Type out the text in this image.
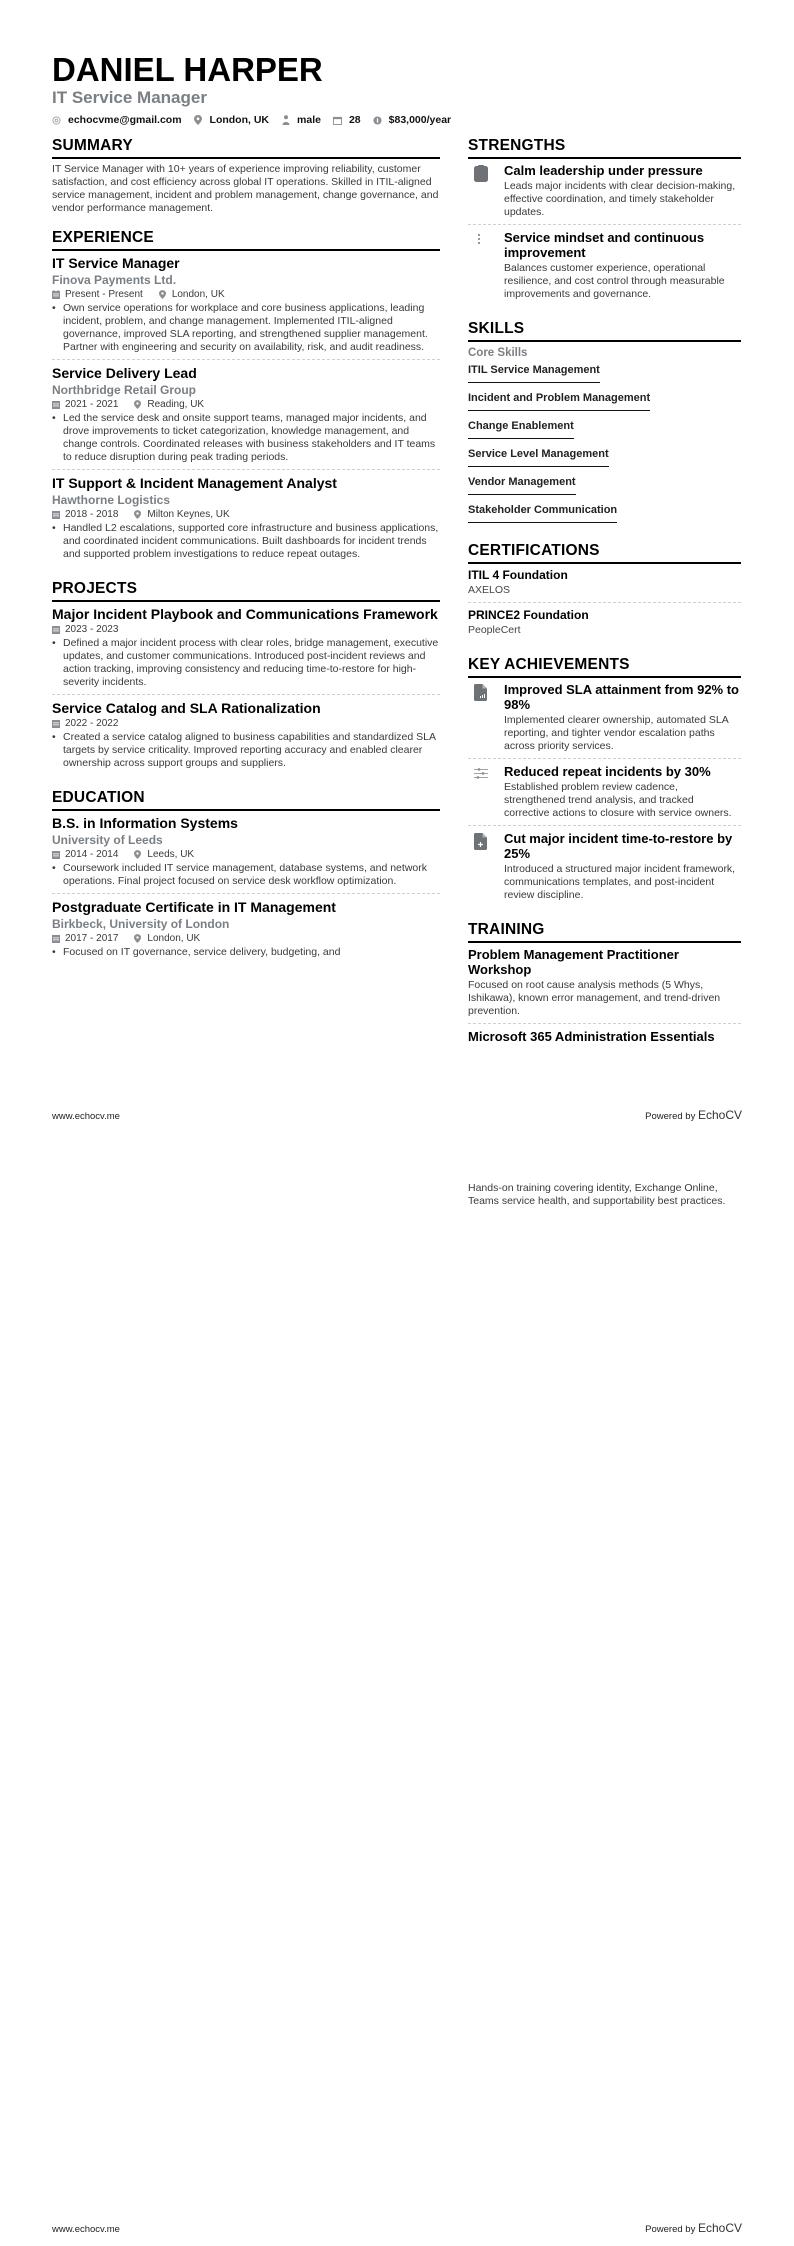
DANIEL HARPER
IT Service Manager
echocvme@gmail.com	London, UK	male	28	$83,000/year
SUMMARY
IT Service Manager with 10+ years of experience improving reliability, customer satisfaction, and cost efficiency across global IT operations. Skilled in ITIL-aligned service management, incident and problem management, change governance, and vendor performance management.
EXPERIENCE
IT Service Manager
Finova Payments Ltd.
Present - Present	London, UK
• Own service operations for workplace and core business applications, leading incident, problem, and change management. Implemented ITIL-aligned governance, improved SLA reporting, and strengthened supplier management. Partner with engineering and security on availability, risk, and audit readiness.
Service Delivery Lead
Northbridge Retail Group
2021 - 2021	Reading, UK
• Led the service desk and onsite support teams, managed major incidents, and drove improvements to ticket categorization, knowledge management, and change controls. Coordinated releases with business stakeholders and IT teams to reduce disruption during peak trading periods.
IT Support & Incident Management Analyst
Hawthorne Logistics
2018 - 2018	Milton Keynes, UK
• Handled L2 escalations, supported core infrastructure and business applications, and coordinated incident communications. Built dashboards for incident trends and supported problem investigations to reduce repeat outages.
PROJECTS
Major Incident Playbook and Communications Framework
2023 - 2023
• Defined a major incident process with clear roles, bridge management, executive updates, and customer communications. Introduced post-incident reviews and action tracking, improving consistency and reducing time-to-restore for high-severity incidents.
Service Catalog and SLA Rationalization
2022 - 2022
• Created a service catalog aligned to business capabilities and standardized SLA targets by service criticality. Improved reporting accuracy and enabled clearer ownership across support groups and suppliers.
EDUCATION
B.S. in Information Systems
University of Leeds
2014 - 2014	Leeds, UK
• Coursework included IT service management, database systems, and network operations. Final project focused on service desk workflow optimization.
Postgraduate Certificate in IT Management
Birkbeck, University of London
2017 - 2017	London, UK
• Focused on IT governance, service delivery, budgeting, and
STRENGTHS
Calm leadership under pressure
Leads major incidents with clear decision-making, effective coordination, and timely stakeholder updates.
Service mindset and continuous improvement
Balances customer experience, operational resilience, and cost control through measurable improvements and governance.
SKILLS
Core Skills
ITIL Service Management
Incident and Problem Management
Change Enablement
Service Level Management
Vendor Management
Stakeholder Communication
CERTIFICATIONS
ITIL 4 Foundation
AXELOS
PRINCE2 Foundation
PeopleCert
KEY ACHIEVEMENTS
Improved SLA attainment from 92% to 98%
Implemented clearer ownership, automated SLA reporting, and tighter vendor escalation paths across priority services.
Reduced repeat incidents by 30%
Established problem review cadence, strengthened trend analysis, and tracked corrective actions to closure with service owners.
Cut major incident time-to-restore by 25%
Introduced a structured major incident framework, communications templates, and post-incident review discipline.
TRAINING
Problem Management Practitioner Workshop
Focused on root cause analysis methods (5 Whys, Ishikawa), known error management, and trend-driven prevention.
Microsoft 365 Administration Essentials
www.echocv.me	Powered by EchoCV
Hands-on training covering identity, Exchange Online, Teams service health, and supportability best practices.
www.echocv.me	Powered by EchoCV
